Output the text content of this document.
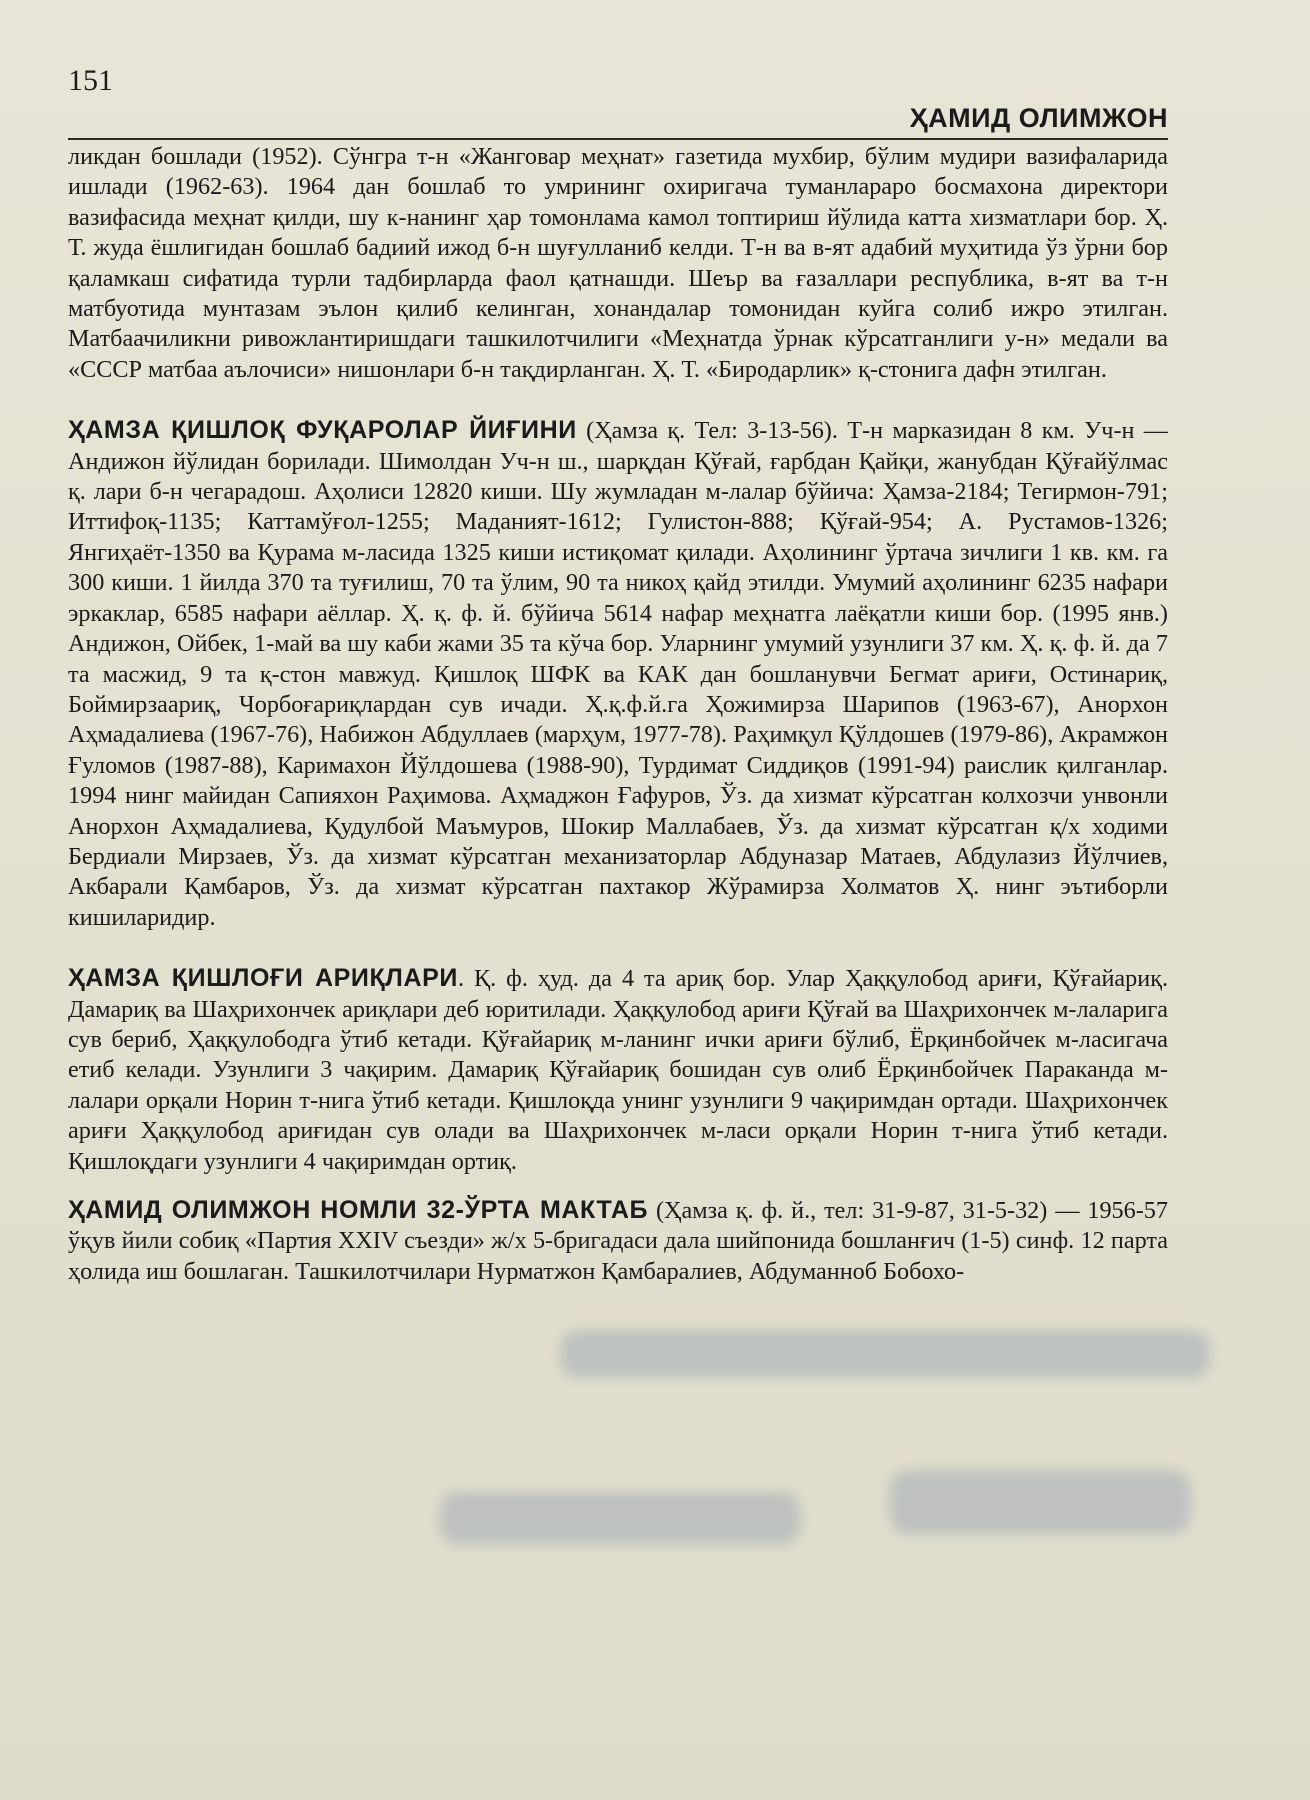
151
ҲАМИД ОЛИМЖОН

ликдан бошлади (1952). Сўнгра т-н «Жанговар меҳнат» газетида мухбир, бўлим мудири вазифаларида ишлади (1962-63). 1964 дан бошлаб то умрининг охиригача туманлараро босмахона директори вазифасида меҳнат қилди, шу к-нанинг ҳар томонлама камол топтириш йўлида катта хизматлари бор. Ҳ. Т. жуда ёшлигидан бошлаб бадиий ижод б-н шуғулланиб келди. Т-н ва в-ят адабий муҳитида ўз ўрни бор қаламкаш сифатида турли тадбирларда фаол қатнашди. Шеър ва ғазаллари республика, в-ят ва т-н матбуотида мунтазам эълон қилиб келинган, хонандалар томонидан куйга солиб ижро этилган. Матбаачиликни ривожлантиришдаги ташкилотчилиги «Меҳнатда ўрнак кўрсатганлиги у-н» медали ва «СССР матбаа аълочиси» нишонлари б-н тақдирланган. Ҳ. Т. «Биродарлик» қ-стонига дафн этилган.

ҲАМЗА ҚИШЛОҚ ФУҚАРОЛАР ЙИҒИНИ (Ҳамза қ. Тел: 3-13-56). Т-н марказидан 8 км. Уч-н — Андижон йўлидан борилади. Шимолдан Уч-н ш., шарқдан Қўғай, ғарбдан Қайқи, жанубдан Қўғайўлмас қ. лари б-н чегарадош. Аҳолиси 12820 киши. Шу жумладан м-лалар бўйича: Ҳамза-2184; Тегирмон-791; Иттифоқ-1135; Каттамўғол-1255; Маданият-1612; Гулистон-888; Қўғай-954; А. Рустамов-1326; Янгиҳаёт-1350 ва Қурама м-ласида 1325 киши истиқомат қилади. Аҳолининг ўртача зичлиги 1 кв. км. га 300 киши. 1 йилда 370 та туғилиш, 70 та ўлим, 90 та никоҳ қайд этилди. Умумий аҳолининг 6235 нафари эркаклар, 6585 нафари аёллар. Ҳ. қ. ф. й. бўйича 5614 нафар меҳнатга лаёқатли киши бор. (1995 янв.) Андижон, Ойбек, 1-май ва шу каби жами 35 та кўча бор. Уларнинг умумий узунлиги 37 км. Ҳ. қ. ф. й. да 7 та масжид, 9 та қ-стон мавжуд. Қишлоқ ШФК ва КАК дан бошланувчи Бегмат ариғи, Остинариқ, Боймирзаариқ, Чорбоғариқлардан сув ичади. Ҳ.қ.ф.й.га Ҳожимирза Шарипов (1963-67), Анорхон Аҳмадалиева (1967-76), Набижон Абдуллаев (марҳум, 1977-78). Раҳимқул Қўлдошев (1979-86), Акрамжон Ғуломов (1987-88), Каримахон Йўлдошева (1988-90), Турдимат Сиддиқов (1991-94) раислик қилганлар. 1994 нинг майидан Сапияхон Раҳимова. Аҳмаджон Ғафуров, Ўз. да хизмат кўрсатган колхозчи унвонли Анорхон Аҳмадалиева, Қудулбой Маъмуров, Шокир Маллабаев, Ўз. да хизмат кўрсатган қ/х ходими Бердиали Мирзаев, Ўз. да хизмат кўрсатган механизаторлар Абдуназар Матаев, Абдулазиз Йўлчиев, Акбарали Қамбаров, Ўз. да хизмат кўрсатган пахтакор Жўрамирза Холматов Ҳ. нинг эътиборли кишиларидир.

ҲАМЗА ҚИШЛОҒИ АРИҚЛАРИ. Қ. ф. ҳуд. да 4 та ариқ бор. Улар Ҳаққулобод ариғи, Қўғайариқ. Дамариқ ва Шаҳрихончек ариқлари деб юритилади. Ҳаққулобод ариғи Қўғай ва Шаҳрихончек м-лаларига сув бериб, Ҳаққулободга ўтиб кетади. Қўғайариқ м-ланинг ички ариғи бўлиб, Ёрқинбойчек м-ласигача етиб келади. Узунлиги 3 чақирим. Дамариқ Қўғайариқ бошидан сув олиб Ёрқинбойчек Параканда м-лалари орқали Норин т-нига ўтиб кетади. Қишлоқда унинг узунлиги 9 чақиримдан ортади. Шаҳрихончек ариғи Ҳаққулобод ариғидан сув олади ва Шаҳрихончек м-ласи орқали Норин т-нига ўтиб кетади. Қишлоқдаги узунлиги 4 чақиримдан ортиқ.

ҲАМИД ОЛИМЖОН НОМЛИ 32-ЎРТА МАКТАБ (Ҳамза қ. ф. й., тел: 31-9-87, 31-5-32) — 1956-57 ўқув йили собиқ «Партия XXIV съезди» ж/х 5-бригадаси дала шийпонида бошланғич (1-5) синф. 12 парта ҳолида иш бошлаган. Ташкилотчилари Нурматжон Қамбаралиев, Абдуманноб Бобохо-
